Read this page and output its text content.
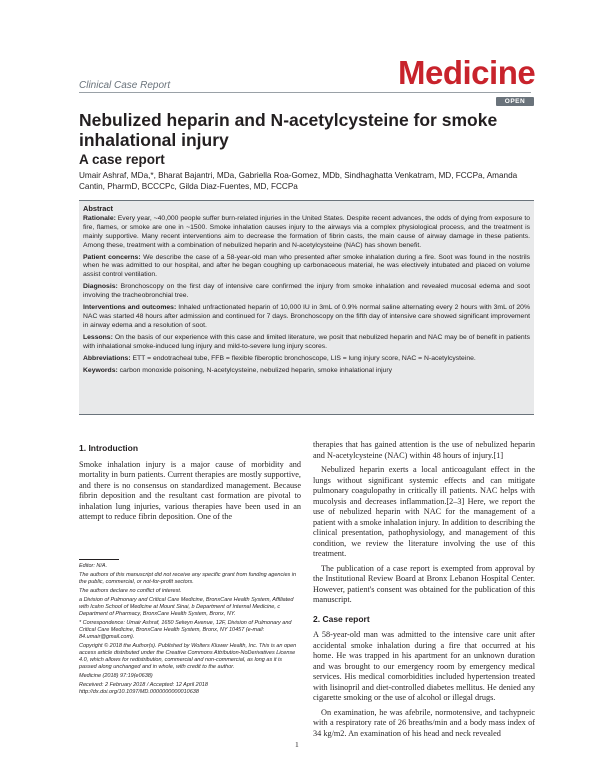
Clinical Case Report	Medicine
OPEN
Nebulized heparin and N-acetylcysteine for smoke inhalational injury
A case report
Umair Ashraf, MDa,*, Bharat Bajantri, MDa, Gabriella Roa-Gomez, MDb, Sindhaghatta Venkatram, MD, FCCPa, Amanda Cantin, PharmD, BCCCPc, Gilda Diaz-Fuentes, MD, FCCPa
Abstract
Rationale: Every year, ~40,000 people suffer burn-related injuries in the United States. Despite recent advances, the odds of dying from exposure to fire, flames, or smoke are one in ~1500. Smoke inhalation causes injury to the airways via a complex physiological process, and the treatment is mainly supportive. Many recent interventions aim to decrease the formation of fibrin casts, the main cause of airway damage in these patients. Among these, treatment with a combination of nebulized heparin and N-acetylcysteine (NAC) has shown benefit.
Patient concerns: We describe the case of a 58-year-old man who presented after smoke inhalation during a fire. Soot was found in the nostrils when he was admitted to our hospital, and after he began coughing up carbonaceous material, he was electively intubated and placed on volume assist control ventilation.
Diagnosis: Bronchoscopy on the first day of intensive care confirmed the injury from smoke inhalation and revealed mucosal edema and soot involving the tracheobronchial tree.
Interventions and outcomes: Inhaled unfractionated heparin of 10,000 IU in 3mL of 0.9% normal saline alternating every 2 hours with 3mL of 20% NAC was started 48 hours after admission and continued for 7 days. Bronchoscopy on the fifth day of intensive care showed significant improvement in airway edema and a resolution of soot.
Lessons: On the basis of our experience with this case and limited literature, we posit that nebulized heparin and NAC may be of benefit in patients with inhalational smoke-induced lung injury and mild-to-severe lung injury scores.
Abbreviations: ETT = endotracheal tube, FFB = flexible fiberoptic bronchoscope, LIS = lung injury score, NAC = N-acetylcysteine.
Keywords: carbon monoxide poisoning, N-acetylcysteine, nebulized heparin, smoke inhalational injury
1. Introduction

Smoke inhalation injury is a major cause of morbidity and mortality in burn patients. Current therapies are mostly supportive, and there is no consensus on standardized management. Because fibrin deposition and the resultant cast formation are pivotal to inhalation lung injuries, various therapies have been used in an attempt to reduce fibrin deposition. One of the

Editor: N/A.

The authors of this manuscript did not receive any specific grant from funding agencies in the public, commercial, or not-for-profit sectors.

The authors declare no conflict of interest.

a Division of Pulmonary and Critical Care Medicine, BronxCare Health System, Affiliated with Icahn School of Medicine at Mount Sinai, b Department of Internal Medicine, c Department of Pharmacy, BronxCare Health System, Bronx, NY.

* Correspondence: Umair Ashraf, 1650 Selwyn Avenue, 12F, Division of Pulmonary and Critical Care Medicine, BronxCare Health System, Bronx, NY 10457 (e-mail: 84.umair@gmail.com).

Copyright © 2018 the Author(s). Published by Wolters Kluwer Health, Inc. This is an open access article distributed under the Creative Commons Attribution-NoDerivatives License 4.0, which allows for redistribution, commercial and non-commercial, as long as it is passed along unchanged and in whole, with credit to the author.

Medicine (2018) 97:19(e0638)

Received: 2 February 2018 / Accepted: 12 April 2018 http://dx.doi.org/10.1097/MD.0000000000010638

therapies that has gained attention is the use of nebulized heparin and N-acetylcysteine (NAC) within 48 hours of injury.[1]

Nebulized heparin exerts a local anticoagulant effect in the lungs without significant systemic effects and can mitigate pulmonary coagulopathy in critically ill patients. NAC helps with mucolysis and decreases inflammation.[2–3] Here, we report the use of nebulized heparin with NAC for the management of a patient with a smoke inhalation injury. In addition to describing the clinical presentation, pathophysiology, and management of this condition, we review the literature involving the use of this treatment.

The publication of a case report is exempted from approval by the Institutional Review Board at Bronx Lebanon Hospital Center. However, patient's consent was obtained for the publication of this manuscript.

2. Case report

A 58-year-old man was admitted to the intensive care unit after accidental smoke inhalation during a fire that occurred at his home. He was trapped in his apartment for an unknown duration and was brought to our emergency room by emergency medical services. His medical comorbidities included hypertension treated with lisinopril and diet-controlled diabetes mellitus. He denied any cigarette smoking or the use of alcohol or illegal drugs.

On examination, he was afebrile, normotensive, and tachypneic with a respiratory rate of 26 breaths/min and a body mass index of 34 kg/m2. An examination of his head and neck revealed

1
